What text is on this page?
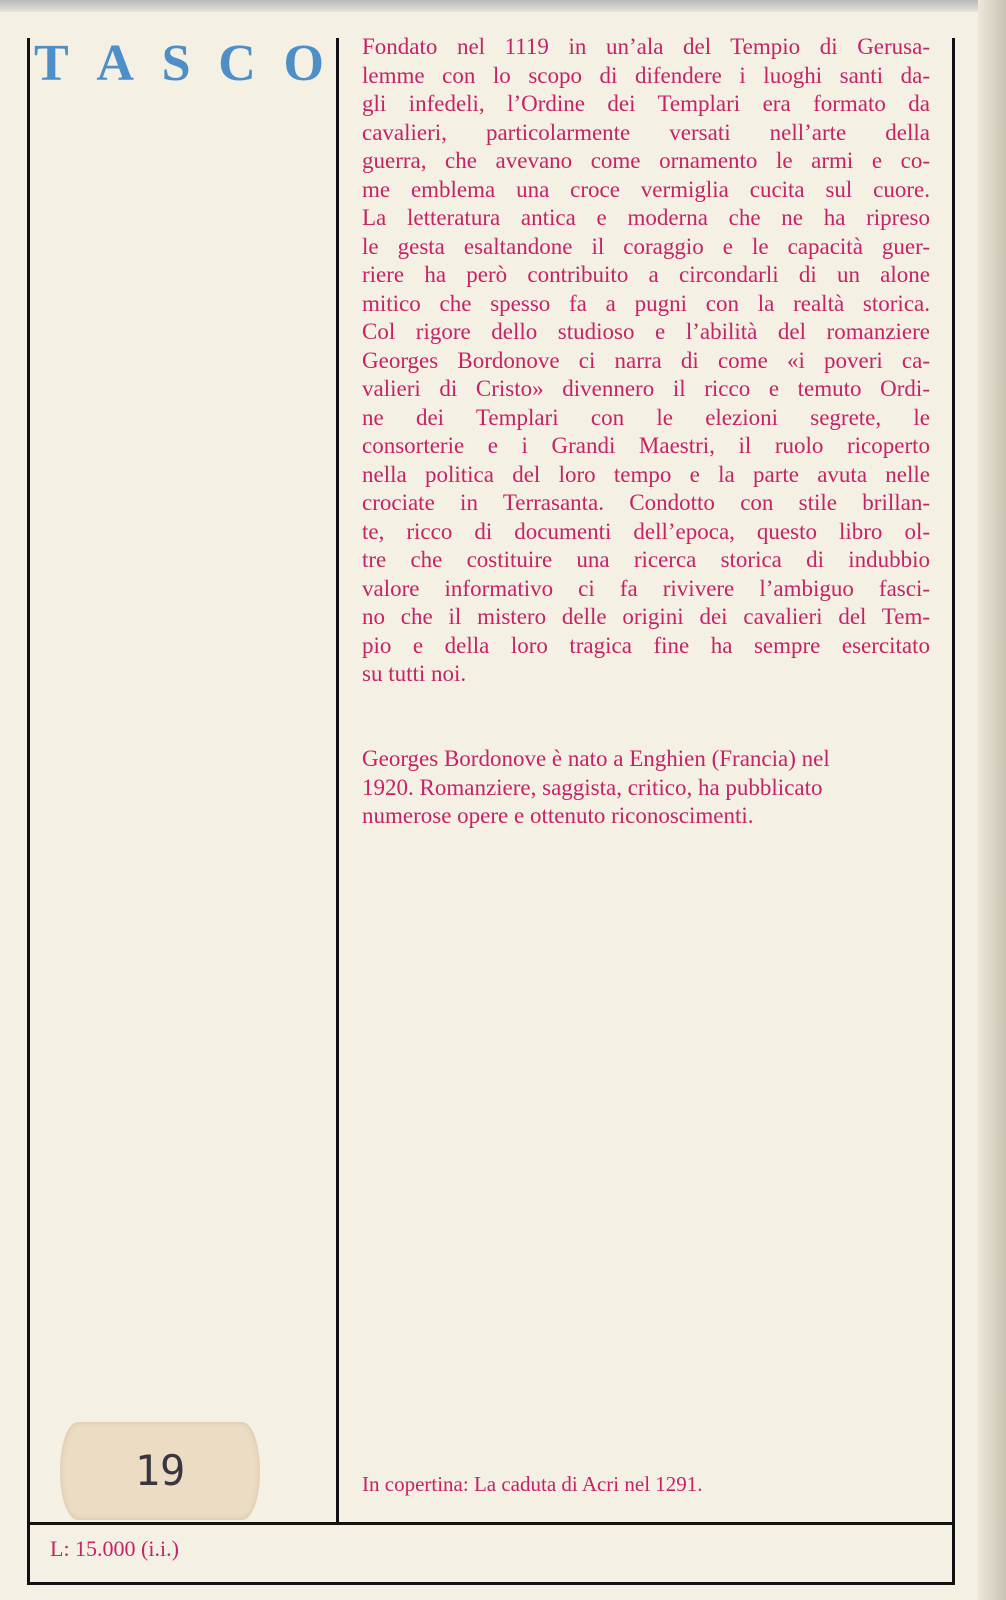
T A S C O Fondato nel 1119 in un’ala del Tempio di Gerusa-
lemme con lo scopo di difendere i luoghi santi da-
gli infedeli, l’Ordine dei Templari era formato da
cavalieri, particolarmente versati nell’arte della
guerra, che avevano come ornamento le armi e co-
me emblema una croce vermiglia cucita sul cuore.
La letteratura antica e moderna che ne ha ripreso
le gesta esaltandone il coraggio e le capacità guer-
riere ha però contribuito a circondarli di un alone
mitico che spesso fa a pugni con la realtà storica.
Col rigore dello studioso e l’abilità del romanziere
Georges Bordonove ci narra di come «i poveri ca-
valieri di Cristo» divennero il ricco e temuto Ordi-
ne dei Templari con le elezioni segrete, le
consorterie e i Grandi Maestri, il ruolo ricoperto
nella politica del loro tempo e la parte avuta nelle
crociate in Terrasanta. Condotto con stile brillan-
te, ricco di documenti dell’epoca, questo libro ol-
tre che costituire una ricerca storica di indubbio
valore informativo ci fa rivivere l’ambiguo fasci-
no che il mistero delle origini dei cavalieri del Tem-
pio e della loro tragica fine ha sempre esercitato
su tutti noi.
Georges Bordonove è nato a Enghien (Francia) nel
1920. Romanziere, saggista, critico, ha pubblicato
numerose opere e ottenuto riconoscimenti.
19	In copertina: La caduta di Acri nel 1291.
L: 15.000 (i.i.)
